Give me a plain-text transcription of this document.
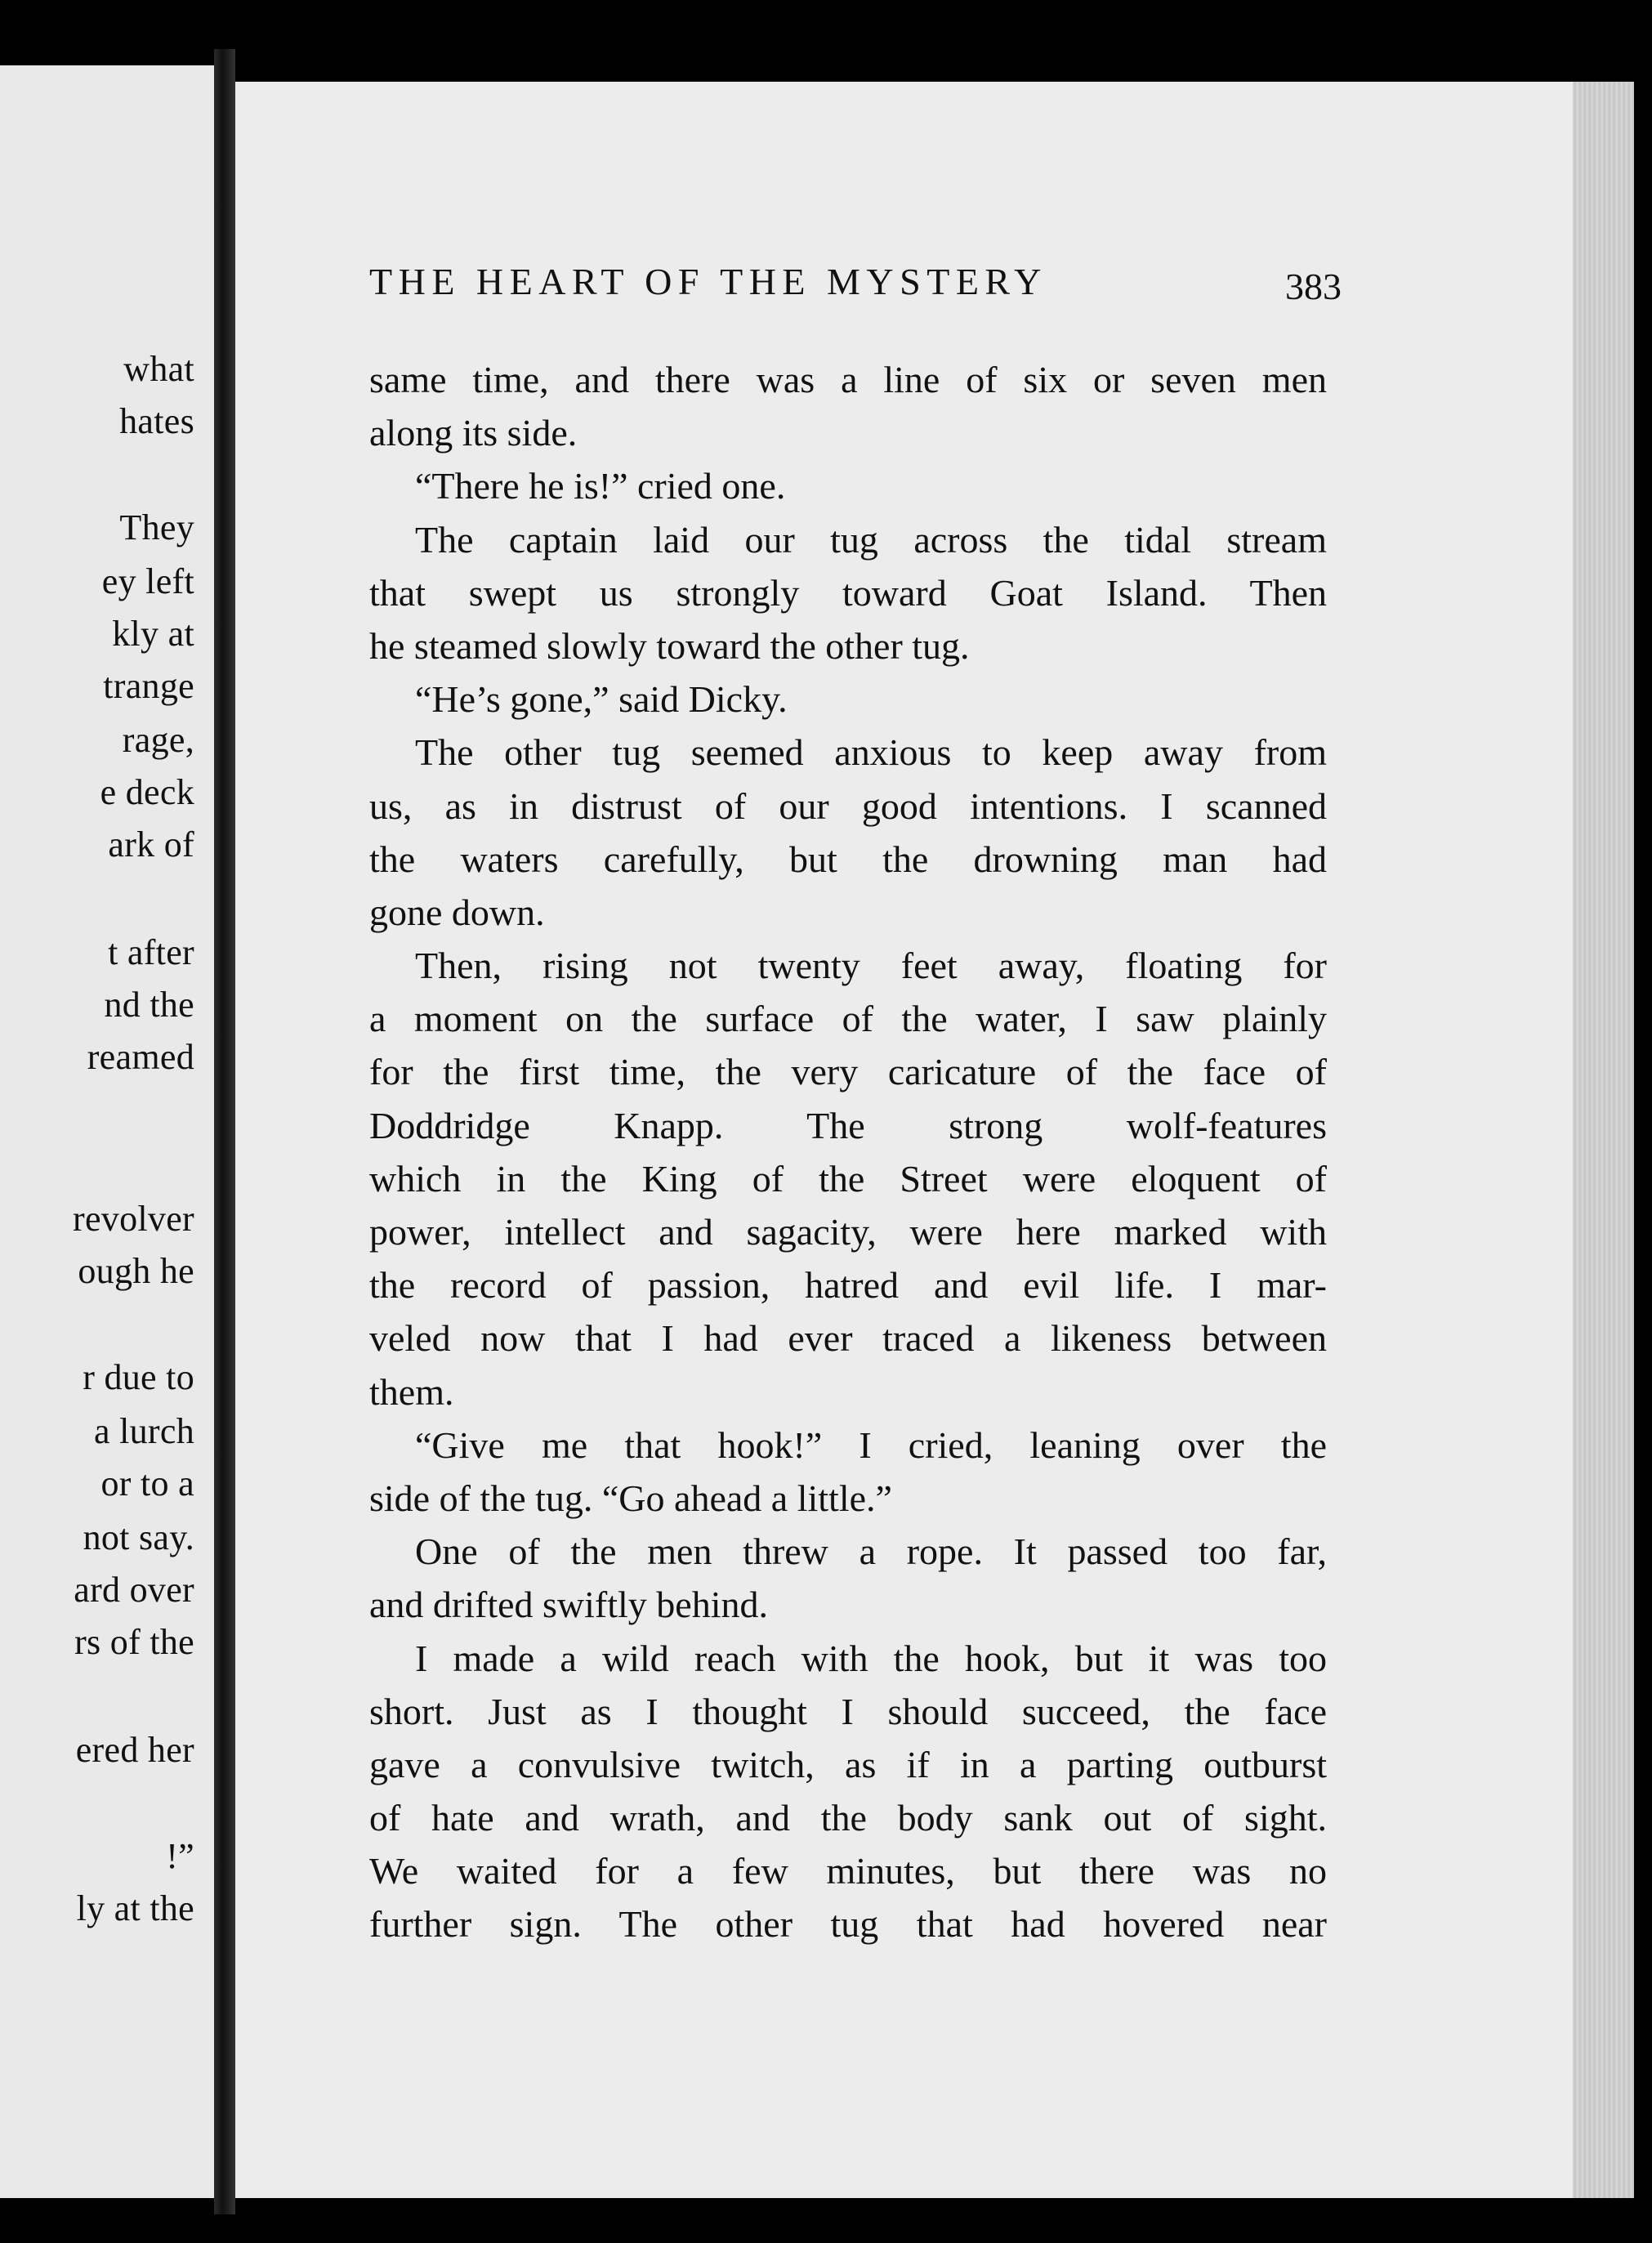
what
hates
They
ey left
kly at
trange
rage,
e deck
ark of
t after
nd the
reamed
revolver
ough he
r due to
a lurch
or to a
not say.
ard over
rs of the
ered her
!”
ly at the
THE HEART OF THE MYSTERY	383
same time, and there was a line of six or seven men
along its side.
“There he is!” cried one.
The captain laid our tug across the tidal stream
that swept us strongly toward Goat Island. Then
he steamed slowly toward the other tug.
“He’s gone,” said Dicky.
The other tug seemed anxious to keep away from
us, as in distrust of our good intentions. I scanned
the waters carefully, but the drowning man had
gone down.
Then, rising not twenty feet away, floating for
a moment on the surface of the water, I saw plainly
for the first time, the very caricature of the face of
Doddridge Knapp. The strong wolf-features
which in the King of the Street were eloquent of
power, intellect and sagacity, were here marked with
the record of passion, hatred and evil life. I mar-
veled now that I had ever traced a likeness between
them.
“Give me that hook!” I cried, leaning over the
side of the tug. “Go ahead a little.”
One of the men threw a rope. It passed too far,
and drifted swiftly behind.
I made a wild reach with the hook, but it was too
short. Just as I thought I should succeed, the face
gave a convulsive twitch, as if in a parting outburst
of hate and wrath, and the body sank out of sight.
We waited for a few minutes, but there was no
further sign. The other tug that had hovered near
